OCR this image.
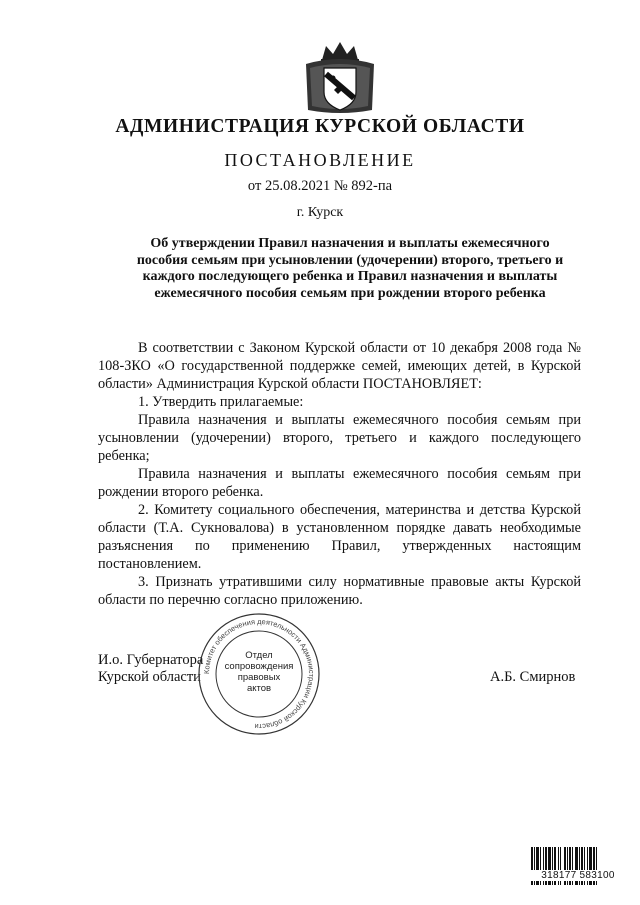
АДМИНИСТРАЦИЯ КУРСКОЙ ОБЛАСТИ
ПОСТАНОВЛЕНИЕ
от 25.08.2021 № 892-па
г. Курск
Об утверждении Правил назначения и выплаты ежемесячного
пособия семьям при усыновлении (удочерении) второго, третьего и
каждого последующего ребенка и Правил назначения и выплаты
ежемесячного пособия семьям при рождении второго ребенка
В соответствии с Законом Курской области от 10 декабря 2008 года № 108-ЗКО «О государственной поддержке семей, имеющих детей, в Курской области» Администрация Курской области ПОСТАНОВЛЯЕТ:
1. Утвердить прилагаемые:
Правила назначения и выплаты ежемесячного пособия семьям при усыновлении (удочерении) второго, третьего и каждого последующего ребенка;
Правила назначения и выплаты ежемесячного пособия семьям при рождении второго ребенка.
2. Комитету социального обеспечения, материнства и детства Курской области (Т.А. Сукновалова) в установленном порядке давать необходимые разъяснения по применению Правил, утвержденных настоящим постановлением.
3. Признать утратившими силу нормативные правовые акты Курской области по перечню согласно приложению.
И.о. Губернатора
Курской области	А.Б. Смирнов
Комитет обеспечения деятельности Администрации Курской области
Отдел
сопровождения
правовых
актов
318177 583100
